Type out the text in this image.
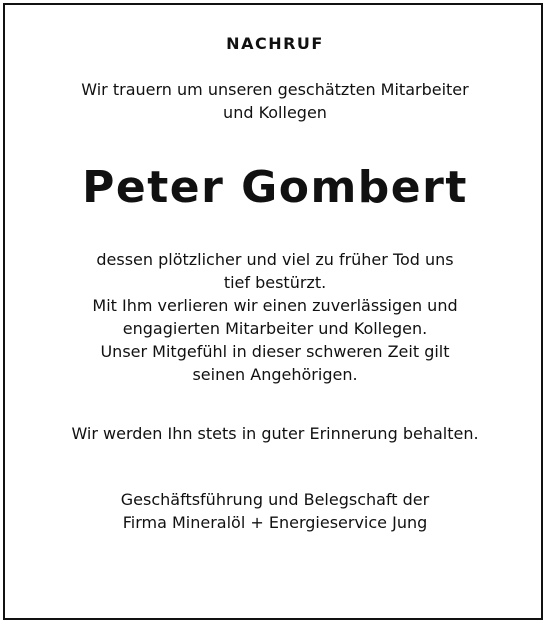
NACHRUF
Wir trauern um unseren geschätzten Mitarbeiter
und Kollegen
Peter Gombert
dessen plötzlicher und viel zu früher Tod uns
tief bestürzt.
Mit Ihm verlieren wir einen zuverlässigen und
engagierten Mitarbeiter und Kollegen.
Unser Mitgefühl in dieser schweren Zeit gilt
seinen Angehörigen.
Wir werden Ihn stets in guter Erinnerung behalten.
Geschäftsführung und Belegschaft der
Firma Mineralöl + Energieservice Jung
